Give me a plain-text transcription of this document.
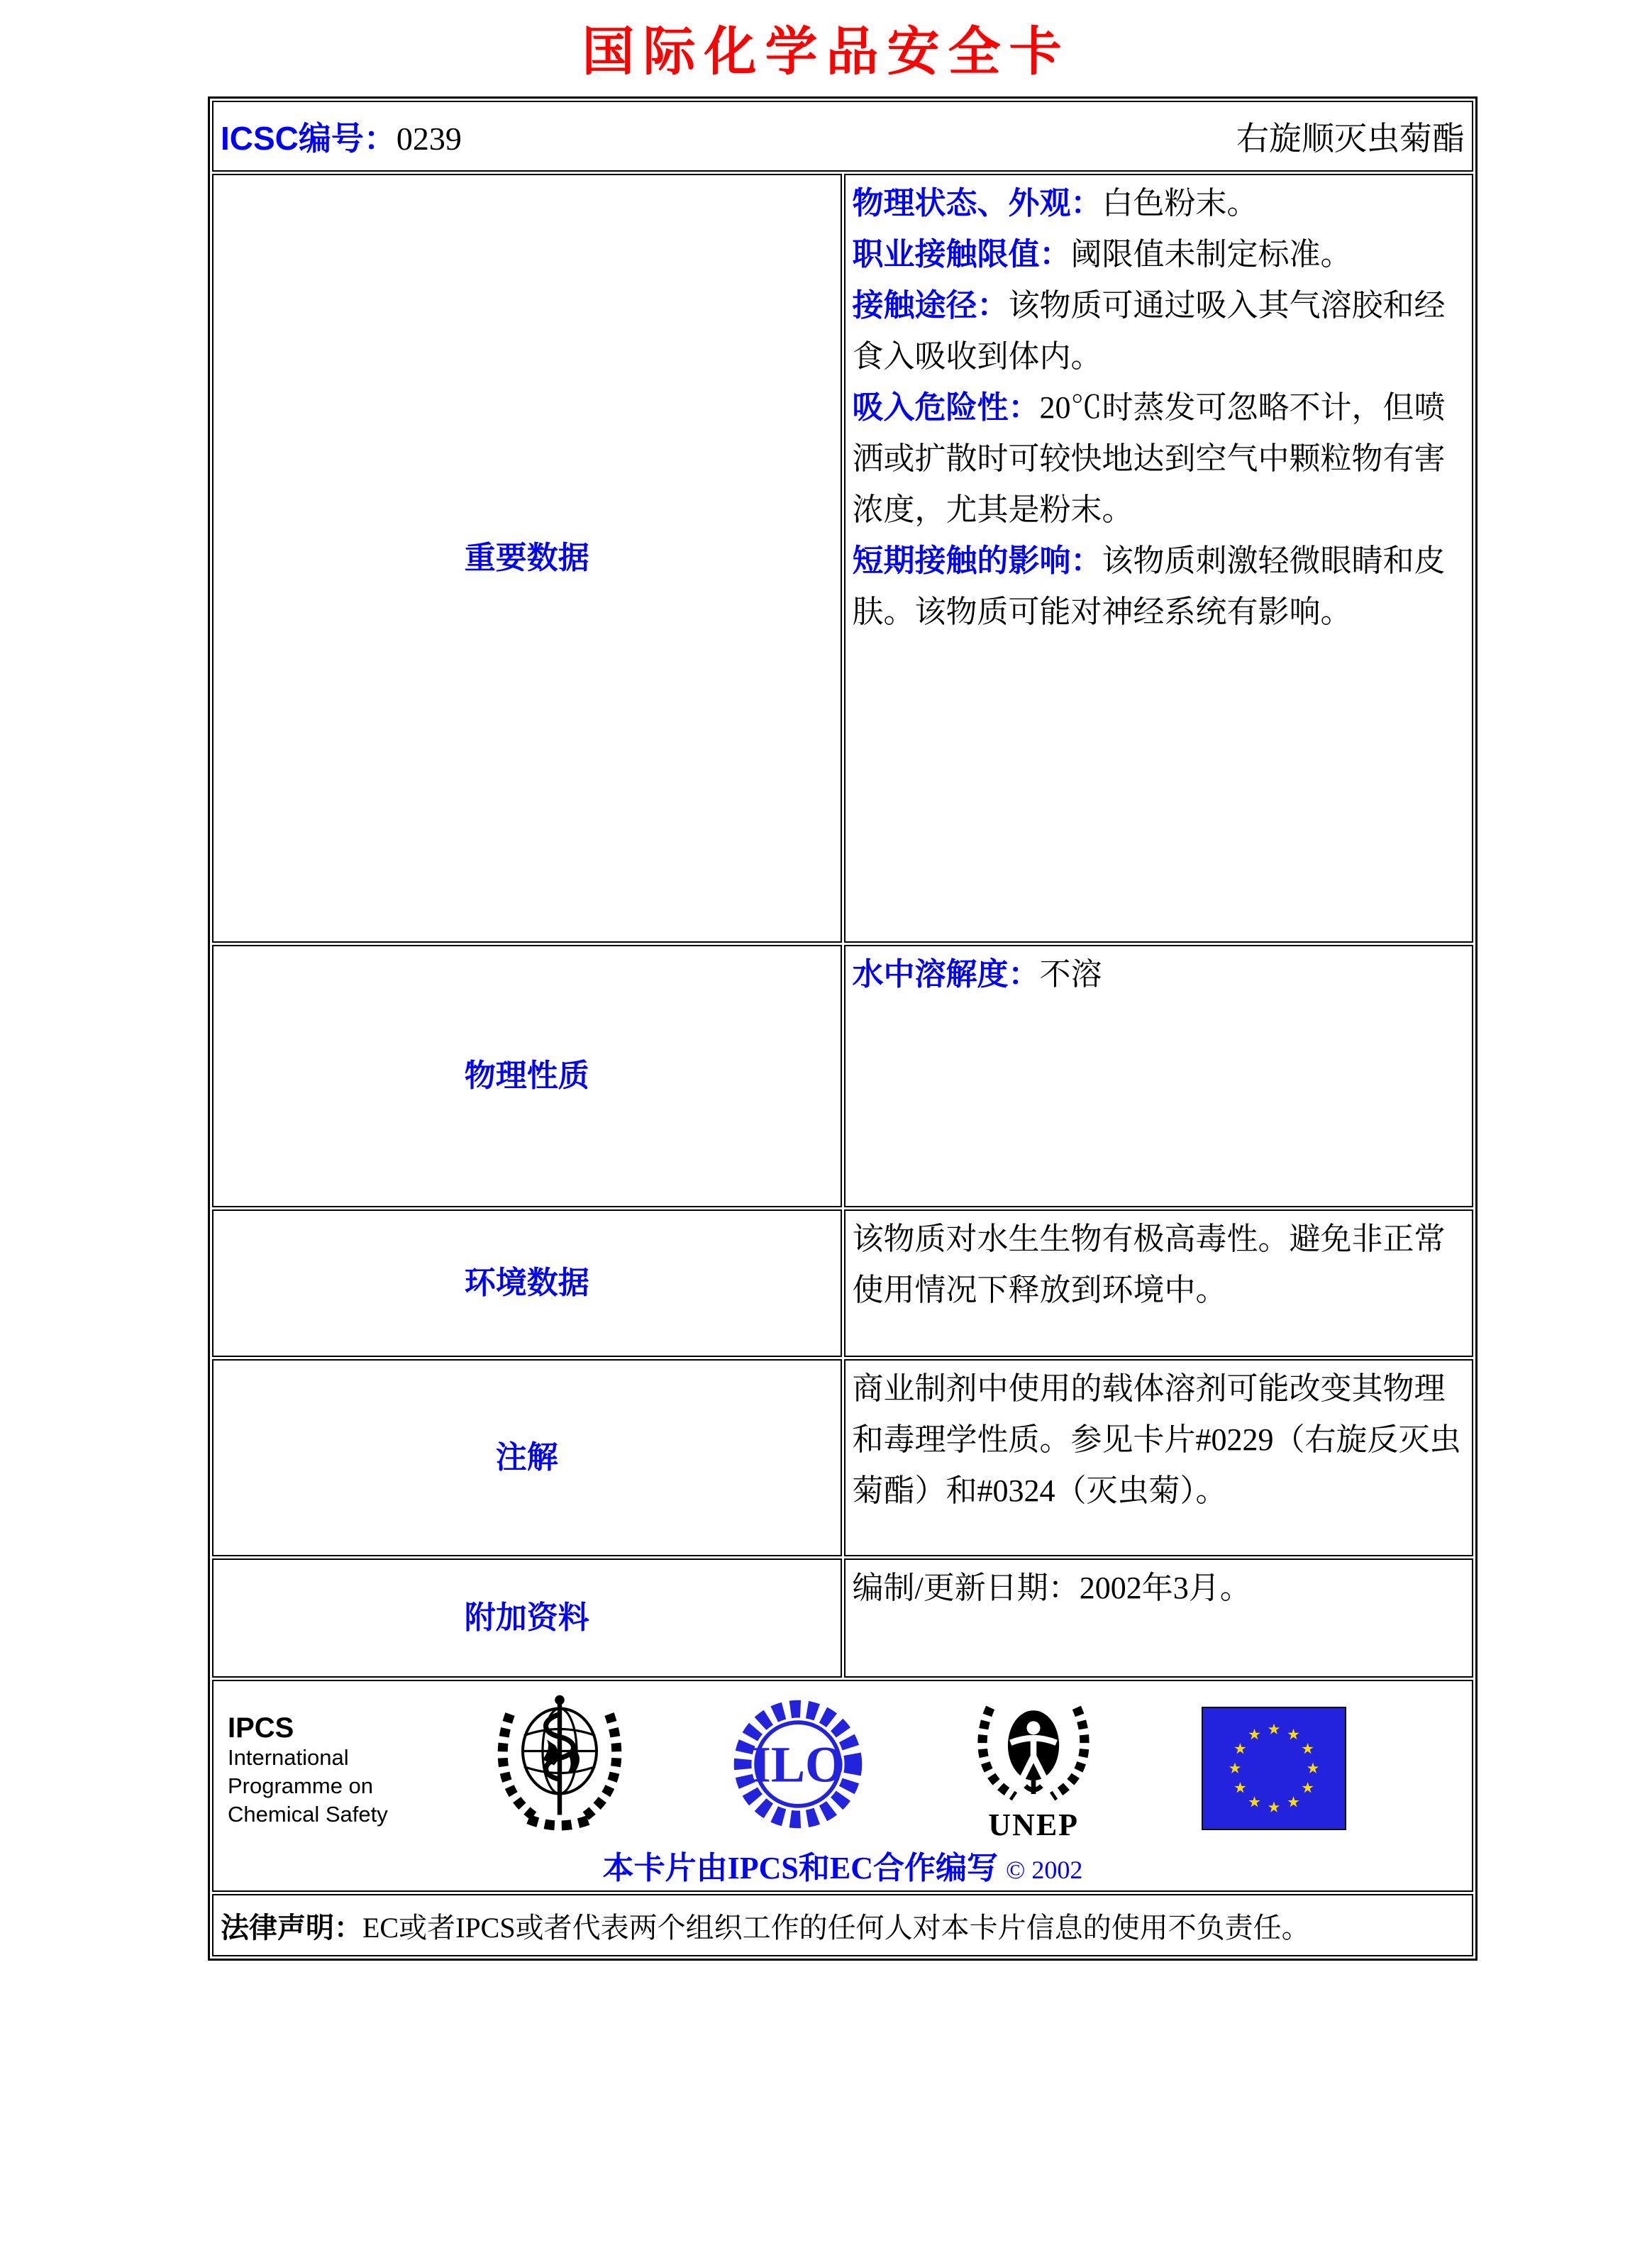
国际化学品安全卡
ICSC编号：0239 右旋顺灭虫菊酯	

重要数据	物理状态、外观：白色粉末。

职业接触限值：阈限值未制定标准。

接触途径：该物质可通过吸入其气溶胶和经食入吸收到体内。

吸入危险性：20℃时蒸发可忽略不计，但喷洒或扩散时可较快地达到空气中颗粒物有害浓度，尤其是粉末。

短期接触的影响：该物质刺激轻微眼睛和皮肤。该物质可能对神经系统有影响。

物理性质	水中溶解度：不溶

环境数据	该物质对水生生物有极高毒性。避免非正常使用情况下释放到环境中。

注解	商业制剂中使用的载体溶剂可能改变其物理和毒理学性质。参见卡片#0229（右旋反灭虫菊酯）和#0324（灭虫菊）。

附加资料	编制/更新日期：2002年3月。

IPCS
International
Programme on
Chemical Safety
ILO
UNEP
本卡片由IPCS和EC合作编写 © 2002

法律声明：EC或者IPCS或者代表两个组织工作的任何人对本卡片信息的使用不负责任。	
